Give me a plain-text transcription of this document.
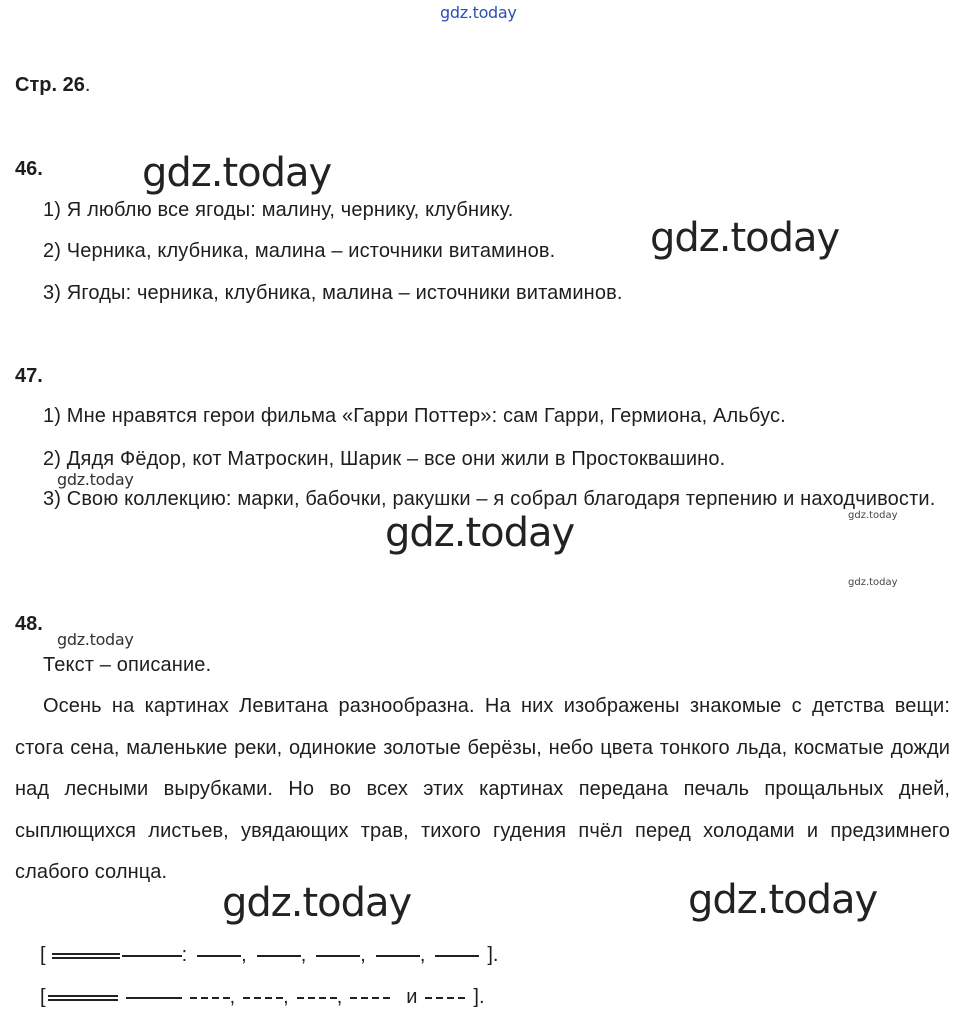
gdz.today
Стр. 26.
46. gdz.today
1) Я люблю все ягоды: малину, чернику, клубнику.
2) Черника, клубника, малина – источники витаминов. gdz.today
3) Ягоды: черника, клубника, малина – источники витаминов.
47.
1) Мне нравятся герои фильма «Гарри Поттер»: сам Гарри, Гермиона, Альбус.
2) Дядя Фёдор, кот Матроскин, Шарик – все они жили в Простоквашино.
gdz.today
3) Свою коллекцию: марки, бабочки, ракушки – я собрал благодаря терпению и находчивости.
gdz.today
gdz.today
gdz.today
48.
gdz.today
Текст – описание.
Осень на картинах Левитана разнообразна. На них изображены знакомые с детства вещи: стога сена, маленькие реки, одинокие золотые берёзы, небо цвета тонкого льда, косматые дожди над лесными вырубками. Но во всех этих картинах передана печаль прощальных дней, сыплющихся листьев, увядающих трав, тихого гудения пчёл перед холодами и предзимнего слабого солнца.
gdz.today	gdz.today
[	:	,	,	,	,	].
[	, , ,	и	].
